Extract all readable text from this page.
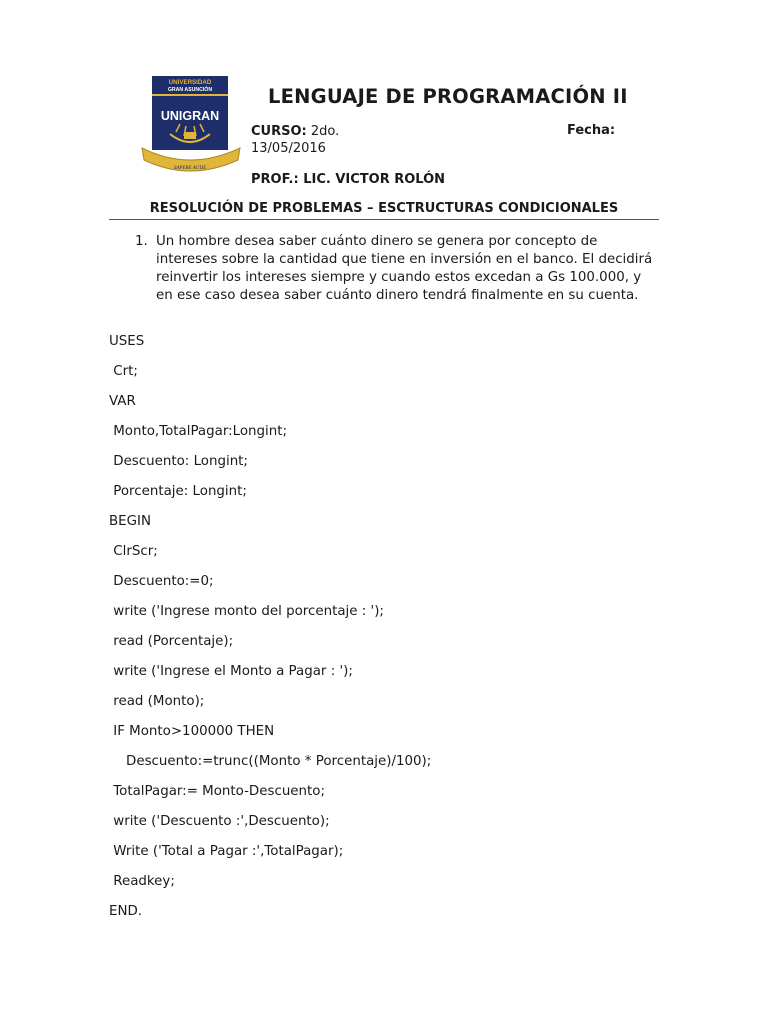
UNIVERSIDAD
GRAN ASUNCIÓN
UNIGRAN
SAPERE AUDE
LENGUAJE DE PROGRAMACIÓN II
CURSO: 2do.	Fecha:
13/05/2016
PROF.: LIC. VICTOR ROLÓN
RESOLUCIÓN DE PROBLEMAS – ESCTRUCTURAS CONDICIONALES
1. Un hombre desea saber cuánto dinero se genera por concepto de intereses sobre la cantidad que tiene en inversión en el banco. El decidirá reinvertir los intereses siempre y cuando estos excedan a Gs 100.000, y en ese caso desea saber cuánto dinero tendrá finalmente en su cuenta.
USES
Crt;
VAR
Monto,TotalPagar:Longint;
Descuento: Longint;
Porcentaje: Longint;
BEGIN
ClrScr;
Descuento:=0;
write ('Ingrese monto del porcentaje : ');
read (Porcentaje);
write ('Ingrese el Monto a Pagar : ');
read (Monto);
IF Monto>100000 THEN
Descuento:=trunc((Monto * Porcentaje)/100);
TotalPagar:= Monto-Descuento;
write ('Descuento :',Descuento);
Write ('Total a Pagar :',TotalPagar);
Readkey;
END.
